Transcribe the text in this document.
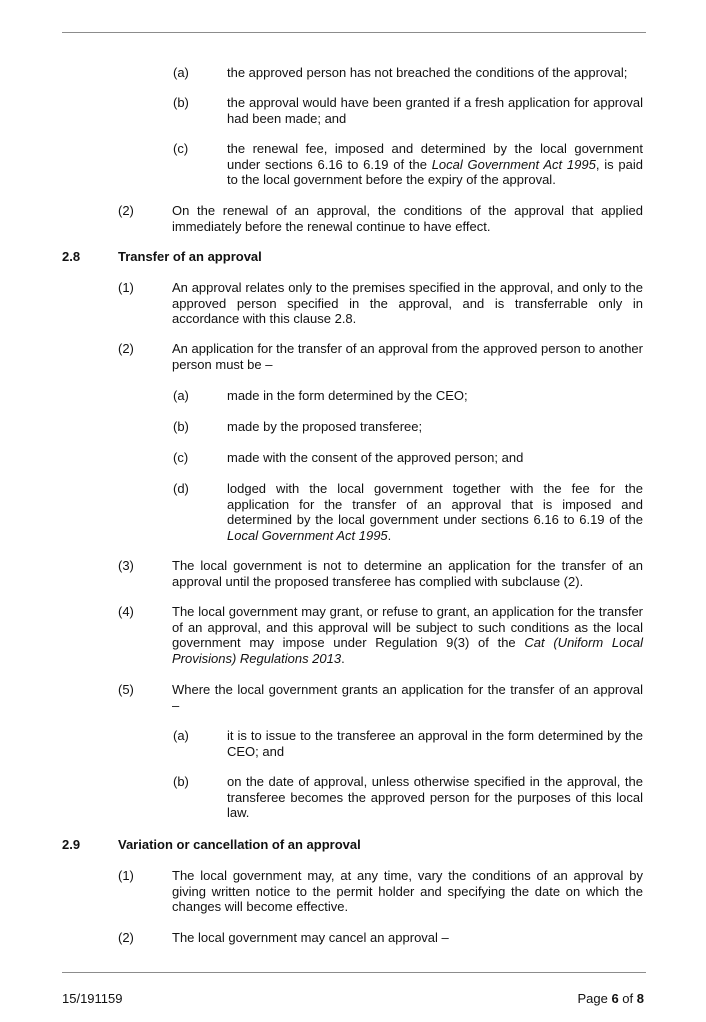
(a)	the approved person has not breached the conditions of the approval;
(b)	the approval would have been granted if a fresh application for approval had been made; and
(c)	the renewal fee, imposed and determined by the local government under sections 6.16 to 6.19 of the Local Government Act 1995, is paid to the local government before the expiry of the approval.
(2)	On the renewal of an approval, the conditions of the approval that applied immediately before the renewal continue to have effect.
2.8	Transfer of an approval
(1)	An approval relates only to the premises specified in the approval, and only to the approved person specified in the approval, and is transferrable only in accordance with this clause 2.8.
(2)	An application for the transfer of an approval from the approved person to another person must be –
(a)	made in the form determined by the CEO;
(b)	made by the proposed transferee;
(c)	made with the consent of the approved person; and
(d)	lodged with the local government together with the fee for the application for the transfer of an approval that is imposed and determined by the local government under sections 6.16 to 6.19 of the Local Government Act 1995.
(3)	The local government is not to determine an application for the transfer of an approval until the proposed transferee has complied with subclause (2).
(4)	The local government may grant, or refuse to grant, an application for the transfer of an approval, and this approval will be subject to such conditions as the local government may impose under Regulation 9(3) of the Cat (Uniform Local Provisions) Regulations 2013.
(5)	Where the local government grants an application for the transfer of an approval –
(a)	it is to issue to the transferee an approval in the form determined by the CEO; and
(b)	on the date of approval, unless otherwise specified in the approval, the transferee becomes the approved person for the purposes of this local law.
2.9	Variation or cancellation of an approval
(1)	The local government may, at any time, vary the conditions of an approval by giving written notice to the permit holder and specifying the date on which the changes will become effective.
(2)	The local government may cancel an approval –
15/191159	Page 6 of 8
